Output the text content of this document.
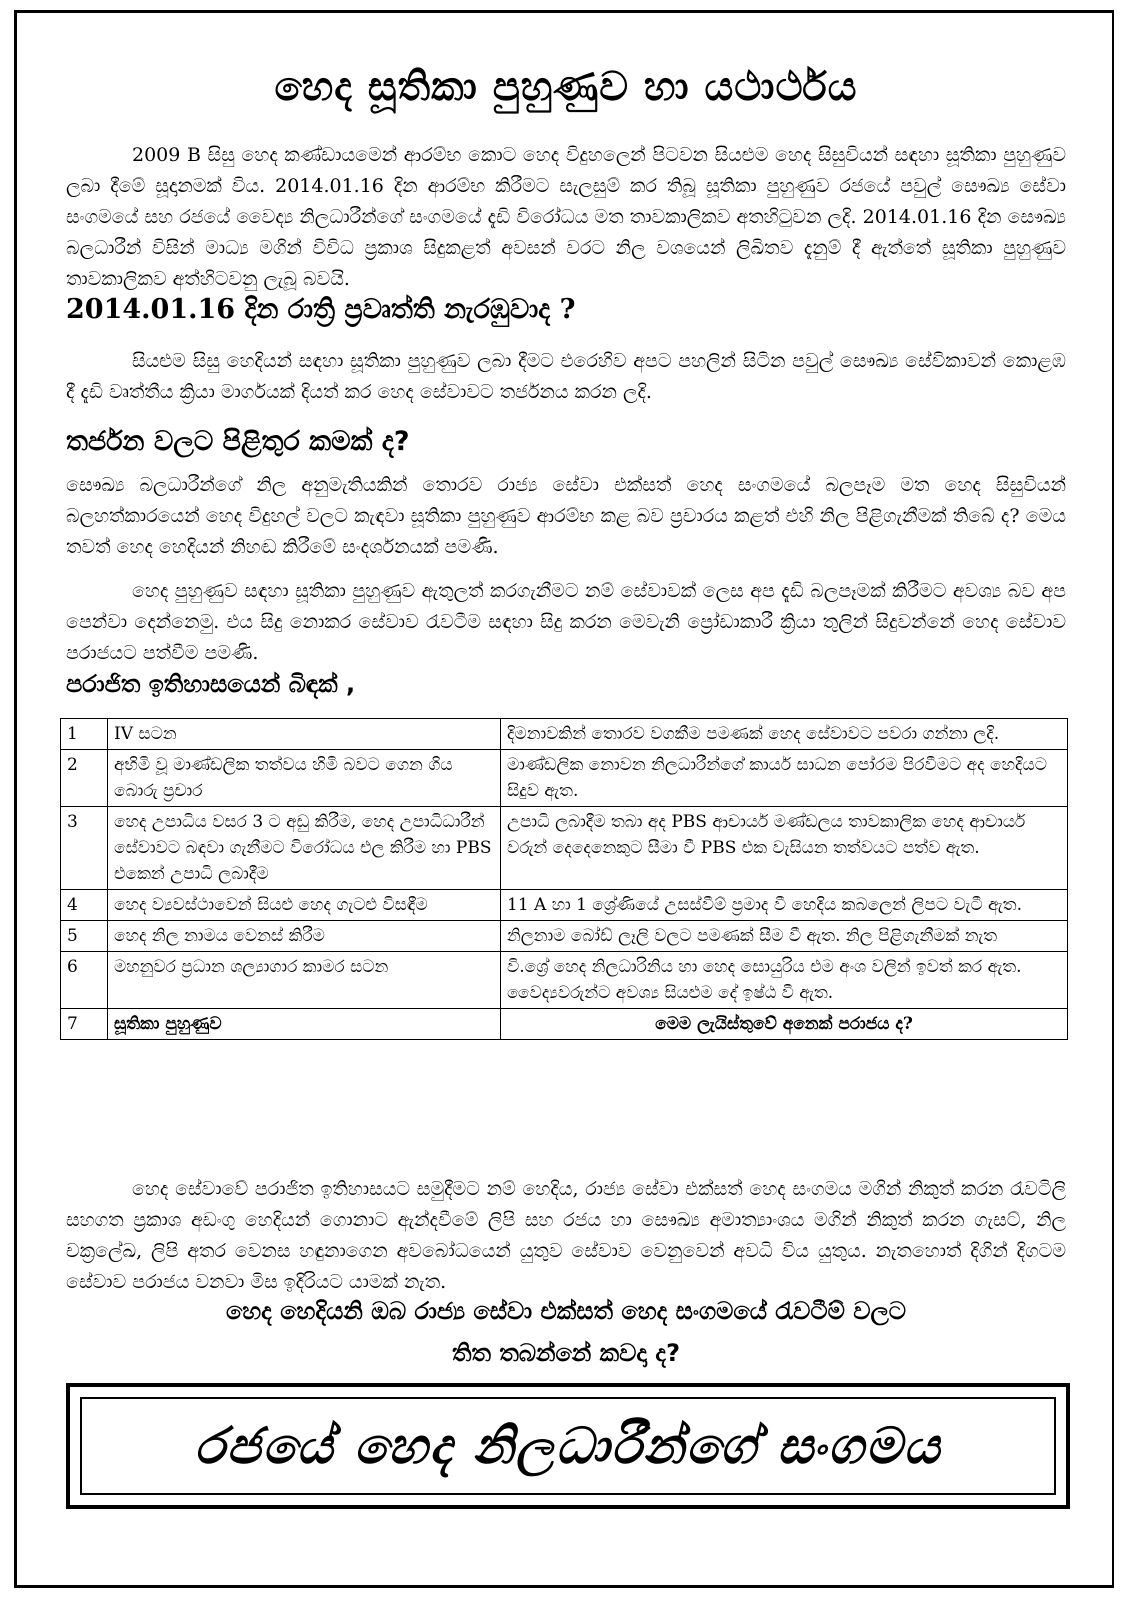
හෙද සූතිකා පුහුණුව හා යථාර්ථය
2009 B සිසු හෙද කණ්ඩායමෙන් ආරම්භ කොට හෙද විදුහලෙන් පිටවන සියළුම හෙද සිසුවියන් සඳහා සූතිකා පුහුණුව ලබා දීමේ සූදානමක් විය. 2014.01.16 දින ආරම්භ කිරීමට සැලසුම් කර තිබූ සූතිකා පුහුණුව රජයේ පවුල් සෞඛ්‍ය සේවා සංගමයේ සහ රජයේ වෛද්‍ය නිලධාරීන්ගේ සංගමයේ දැඩි විරෝධය මත තාවකාලිකව අතහිටුවන ලදි. 2014.01.16 දින සෞඛ්‍ය බලධාරීන් විසින් මාධ්‍ය මගින් විවිධ ප්‍රකාශ සිදුකළත් අවසන් වරට නිල වශයෙන් ලිඛිතව දැනුම් දී ඇත්තේ සූතිකා පුහුණුව තාවකාලිකව අත්හිටවනු ලැබූ බවයි.
2014.01.16 දින රාත්‍රි ප්‍රවෘත්ති නැරඹුවාද ?
සියළුම සිසු හෙදියන් සඳහා සූතිකා පුහුණුව ලබා දීමට එරෙහිව අපට පහලින් සිටින පවුල් සෞඛ්‍ය සේවිකාවන් කොළඹ දී දැඩි වෘත්තීය ක්‍රියා මාර්ගයක් දියත් කර හෙද සේවාවට තර්ජනය කරන ලදි.
තර්ජන වලට පිළිතුර කමක් ද?
සෞඛ්‍ය බලධාරීන්ගේ නිල අනුමැතියකින් තොරව රාජ්‍ය සේවා එක්සත් හෙද සංගමයේ බලපෑම මත හෙද සිසුවියන් බලහත්කාරයෙන් හෙද විදුහල් වලට කැඳවා සූතිකා පුහුණුව ආරම්භ කළ බව ප්‍රචාරය කළත් එහි නිල පිළිගැනීමක් තිබේ ද? මෙය තවත් හෙද හෙදියන් නිහඬ කිරීමේ සංදර්ශනයක් පමණි.
හෙද පුහුණුව සඳහා සූතිකා පුහුණුව ඇතුලත් කරගැනීමට නම් සේවාවක් ලෙස අප දැඩි බලපෑමක් කිරීමට අවශ්‍ය බව අප පෙන්වා දෙන්නෙමු. එය සිදු නොකර සේවාව රැවටීම සඳහා සිදු කරන මෙවැනි ප්‍රෝඩාකාරී ක්‍රියා තුලින් සිදුවන්නේ හෙද සේවාව පරාජයට පත්වීම පමණි.
පරාජිත ඉතිහාසයෙන් බිඳක් ,
1	IV සටන	දිමනාවකින් තොරව වගකීම පමණක් හෙද සේවාවට පවරා ගන්නා ලදි.
2	අභිමි වූ මාණ්ඩලික තත්වය හිමි බවට ගෙන ගිය බොරු ප්‍රචාර	මාණ්ඩලික නොවන නිලධාරීන්ගේ කාර්ය සාධන පෝරම පිරවීමට අද හෙදියට සිදුව ඇත.
3	හෙද උපාධිය වසර 3 ට අඩු කිරීම, හෙද උපාධිධාරීන් සේවාවට බඳවා ගැනීමට විරෝධය එල කිරීම හා PBS එකෙන් උපාධි ලබාදීම	උපාධි ලබාදීම තබා අද PBS ආචාර්ය මණ්ඩලය තාවකාලික හෙද ආචාර්ය වරුන් දෙදෙනෙකුට සීමා වී PBS එක වැසියන තත්වයට පත්ව ඇත.
4	හෙද ව්‍යවස්ථාවෙන් සියළු හෙද ගැටළු විසඳීම	11 A හා 1 ශ්‍රේණියේ උසස්වීම් ප්‍රමාද වී හෙදිය කබලෙන් ලිපට වැටී ඇත.
5	හෙද නිල නාමය වෙනස් කිරීම	නිලනාම බෝඩ් ලෑලි වලට පමණක් සීම වී ඇත. නිල පිළිගැනීමක් නැත
6	මහනුවර ප්‍රධාන ශල්‍යාගාර කාමර සටන	වි.ශ්‍රේ හෙද නිලධාරිනිය හා හෙද සොයුරිය එම අංශ වලින් ඉවත් කර ඇත. වෛද්‍යවරුන්ට අවශ්‍ය සියළුම දේ ඉෂ්ඨ වී ඇත.
7	සූතිකා පුහුණුව	මෙම ලැයිස්තුවේ අනෙක් පරාජය ද?
හෙද සේවාවේ පරාජිත ඉතිහාසයට සමුදීමට නම් හෙදිය, රාජ්‍ය සේවා එක්සත් හෙද සංගමය මගින් නිකුත් කරන රැවටිලි සහගත ප්‍රකාශ අඩංගු හෙදියන් ගොනාට ඇන්දවීමේ ලිපි සහ රජය හා සෞඛ්‍ය අමාත්‍යාංශය මගින් නිකුත් කරන ගැසට්, නිල චක්‍රලේඛ, ලිපි අතර වෙනස හඳුනාගෙන අවබෝධයෙන් යුතුව සේවාව වෙනුවෙන් අවධි විය යුතුය. නැතහොත් දිගින් දිගටම සේවාව පරාජය වනවා මිස ඉදිරියට යාමක් නැත.
හෙද හෙදියනි ඔබ රාජ්‍ය සේවා එක්සත් හෙද සංගමයේ රැවටීම් වලට
තිත තබන්නේ කවදා ද?
රජයේ හෙද නිලධාරීන්ගේ සංගමය
